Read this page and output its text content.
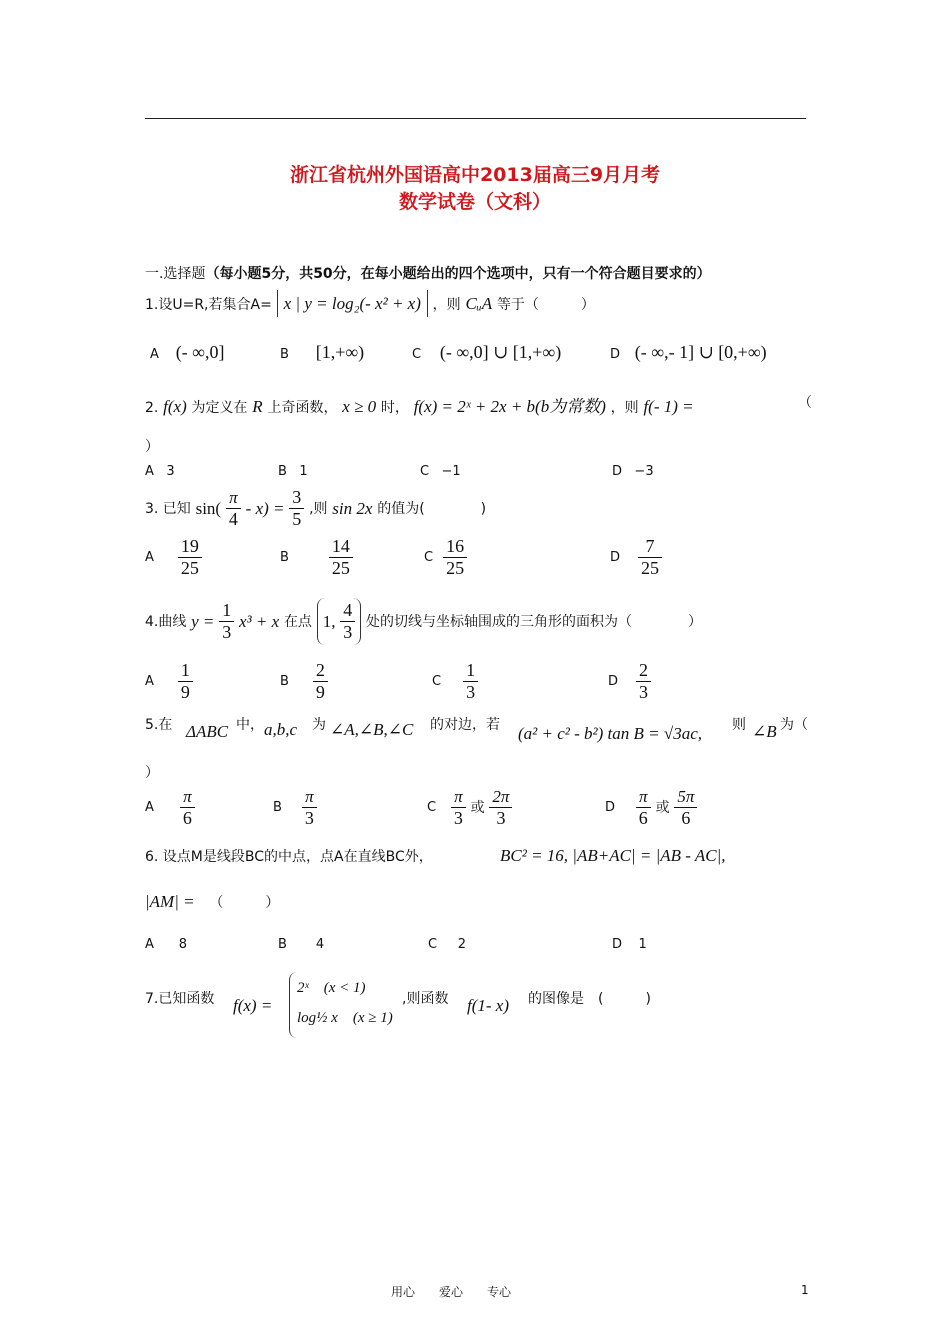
浙江省杭州外国语高中2013届高三9月月考
数学试卷（文科）
一.选择题（每小题5分，共50分，在每小题给出的四个选项中，只有一个符合题目要求的）
1.设U=R,若集合A= x | y = log₂(- x² + x) ，则 CᵤA 等于（　　　）
A (- ∞,0]	B [1,+∞)	C (- ∞,0] ∪ [1,+∞)	D (- ∞,- 1] ∪ [0,+∞)
2. f(x) 为定义在 R 上奇函数， x ≥ 0 时， f(x) = 2ˣ + 2x + b(b为常数) ，则 f(- 1) =	（
）
A 3	B 1	C −1	D −3
3. 已知 $\sin( \frac{\pi}{4} - x) = \frac{3}{5}$ ,则 sin 2x 的值为(　　　　)
A $\frac{19}{25}$	B $\frac{14}{25}$	C $\frac{16}{25}$	D $\frac{7}{25}$
4.曲线 $y = \frac{1}{3} x^3 + x$ 在点 1, $\frac{4}{3}$ 处的切线与坐标轴围成的三角形的面积为（　　　　）
A $\frac{1}{9}$	B $\frac{2}{9}$	C $\frac{1}{3}$	D $\frac{2}{3}$
5.在 ΔABC 中， a,b,c 为 ∠A,∠B,∠C 的对边，若 (a² + c² - b²) tan B = √3ac, 则 ∠B 为（
）
A $\frac{\pi}{6}$	B $\frac{\pi}{3}$	C $\frac{\pi}{3}$ 或 $\frac{2\pi}{3}$	D $\frac{\pi}{6}$ 或 $\frac{5\pi}{6}$
6. 设点M是线段BC的中点，点A在直线BC外，	BC² = 16, |AB+AC| = |AB - AC|,
|AM| = （　　　）
A 8	B 4	C 2	D 1
7.已知函数 f(x) =
2ˣ　(x < 1)
log½ x　(x ≥ 1)
,则函数 f(1- x) 的图像是　(　　　)
用心　　爱心　　专心	1
